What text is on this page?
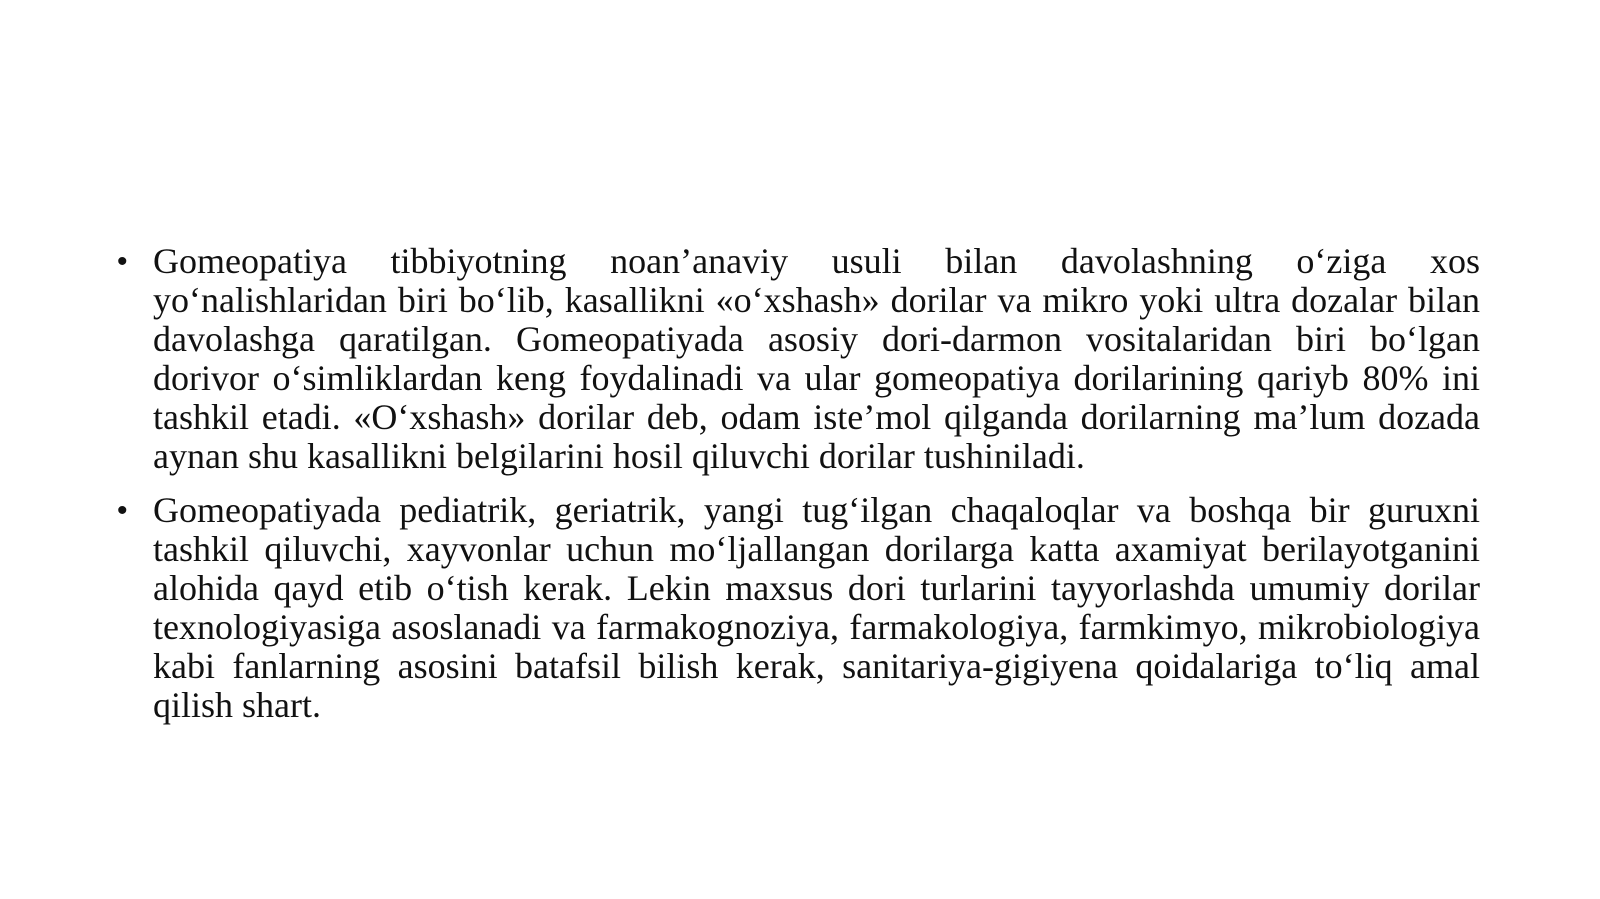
• Gomeopatiya tibbiyotning noan’anaviy usuli bilan davolashning o‘ziga xos yo‘nalishlaridan biri bo‘lib, kasallikni «o‘xshash» dorilar va mikro yoki ultra dozalar bilan davolashga qaratilgan. Gomeopatiyada asosiy dori-darmon vositalaridan biri bo‘lgan dorivor o‘simliklardan keng foydalinadi va ular gomeopatiya dorilarining qariyb 80% ini tashkil etadi. «O‘xshash» dorilar deb, odam iste’mol qilganda dorilarning ma’lum dozada aynan shu kasallikni belgilarini hosil qiluvchi dorilar tushiniladi.
• Gomeopatiyada pediatrik, geriatrik, yangi tug‘ilgan chaqaloqlar va boshqa bir guruxni tashkil qiluvchi, xayvonlar uchun mo‘ljallangan dorilarga katta axamiyat berilayotganini alohida qayd etib o‘tish kerak. Lekin maxsus dori turlarini tayyorlashda umumiy dorilar texnologiyasiga asoslanadi va farmakognoziya, farmakologiya, farmkimyo, mikrobiologiya kabi fanlarning asosini batafsil bilish kerak, sanitariya-gigiyena qoidalariga to‘liq amal qilish shart.
